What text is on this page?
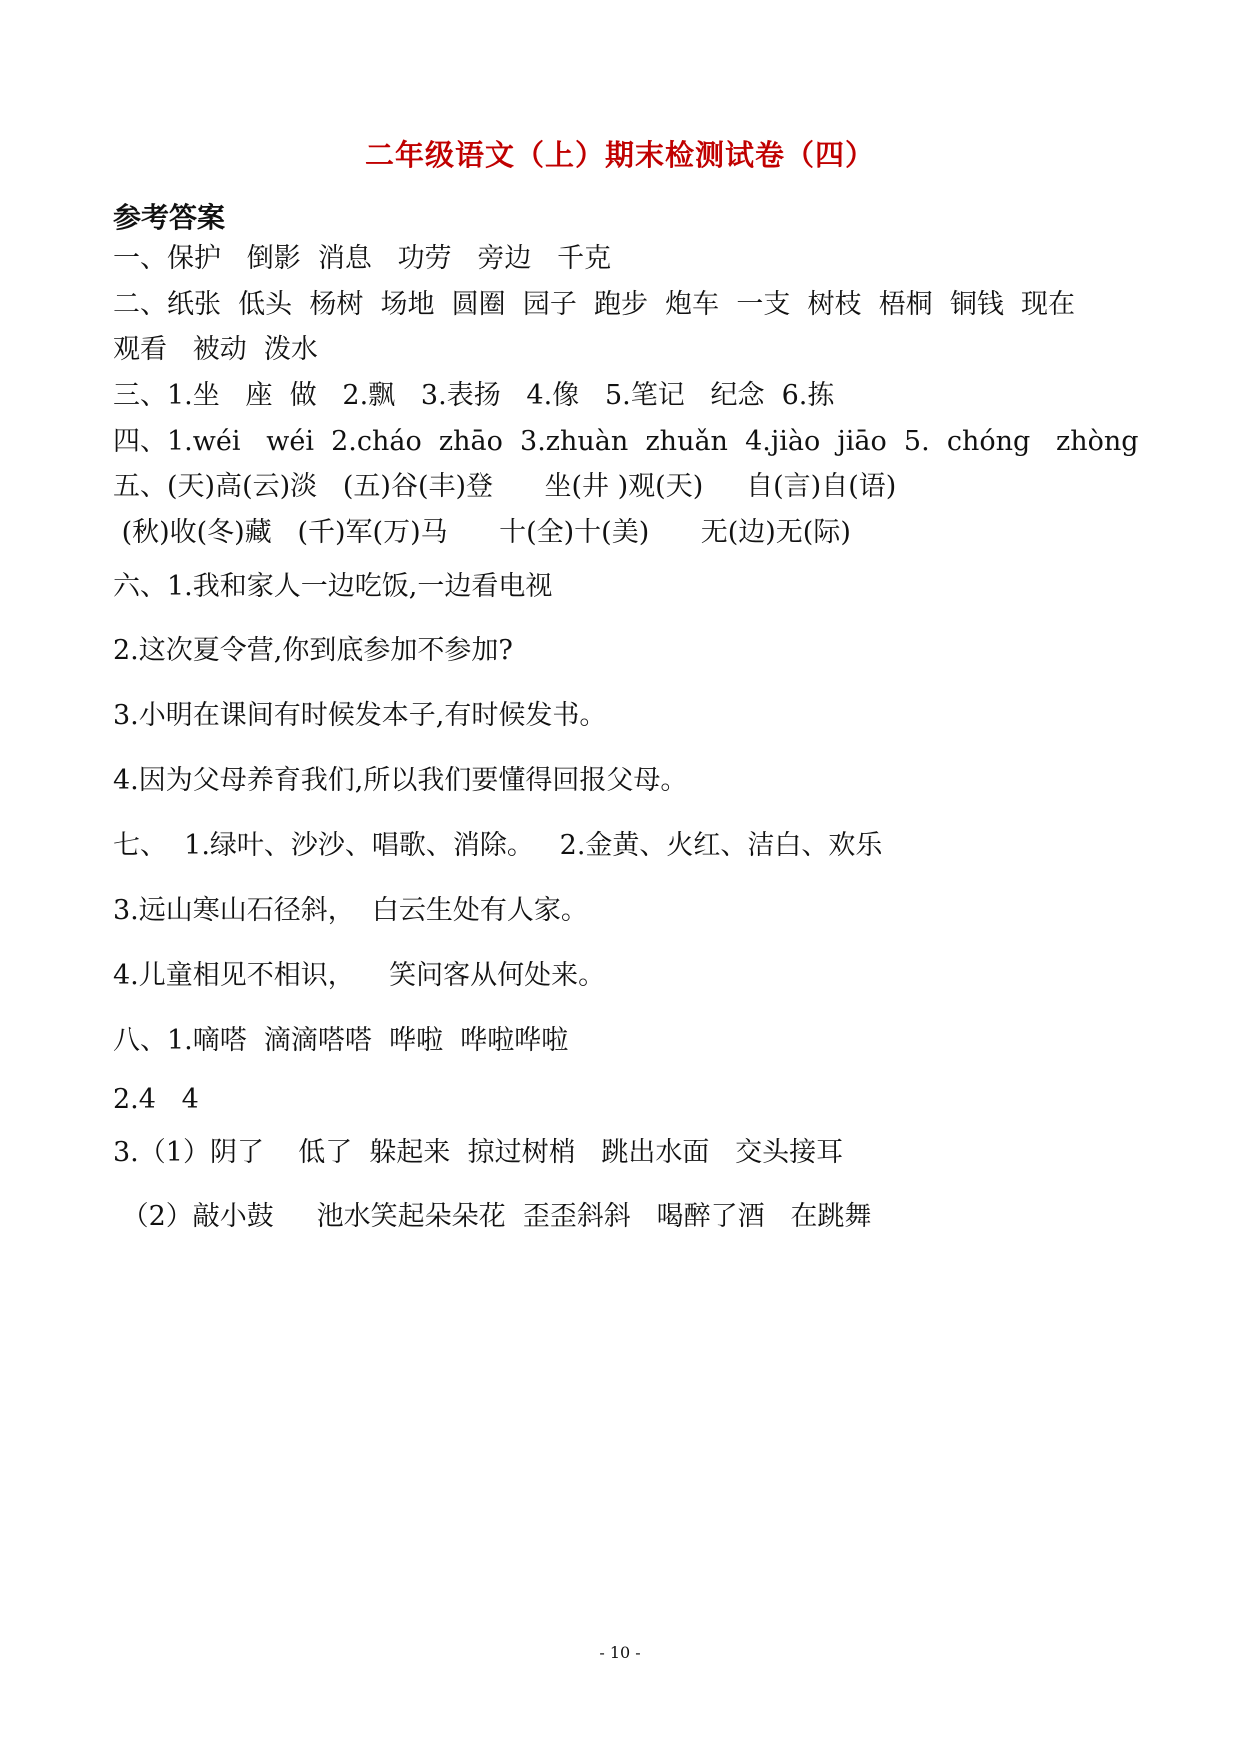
二年级语文（上）期末检测试卷（四）
参考答案
一、保护   倒影  消息   功劳   旁边   千克
二、纸张  低头  杨树  场地  圆圈  园子  跑步  炮车  一支  树枝  梧桐  铜钱  现在
观看   被动  泼水
三、1.坐   座  做   2.飘   3.表扬   4.像   5.笔记   纪念  6.拣
四、1.wéi   wéi  2.cháo  zhāo  3.zhuàn  zhuǎn  4.jiào  jiāo  5.  chóng   zhòng
五、(天)高(云)淡   (五)谷(丰)登      坐(井 )观(天)     自(言)自(语)
(秋)收(冬)藏   (千)军(万)马      十(全)十(美)      无(边)无(际)
六、1.我和家人一边吃饭,一边看电视
2.这次夏令营,你到底参加不参加?
3.小明在课间有时候发本子,有时候发书。
4.因为父母养育我们,所以我们要懂得回报父母。
七、  1.绿叶、沙沙、唱歌、消除。   2.金黄、火红、洁白、欢乐
3.远山寒山石径斜，  白云生处有人家。
4.儿童相见不相识，    笑问客从何处来。
八、1.嘀嗒  滴滴嗒嗒  哗啦  哗啦哗啦
2.4   4
3.（1）阴了    低了  躲起来  掠过树梢   跳出水面   交头接耳
（2）敲小鼓     池水笑起朵朵花  歪歪斜斜   喝醉了酒   在跳舞
- 10 -
